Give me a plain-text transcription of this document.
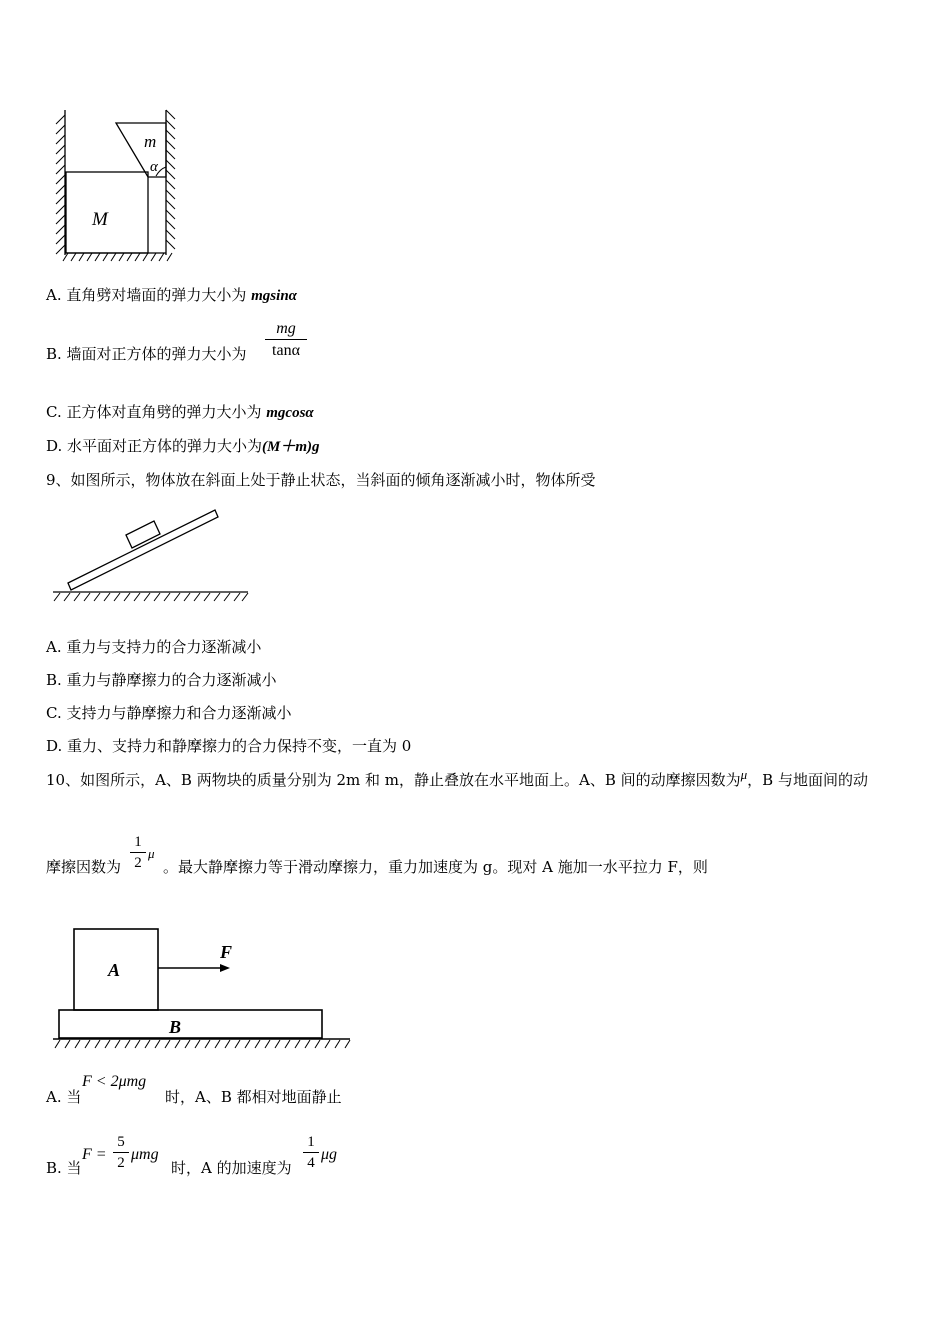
m
α
M
A. 直角劈对墙面的弹力大小为 mgsinα
B. 墙面对正方体的弹力大小为 $\frac{mg}{\tan\alpha}$
C. 正方体对直角劈的弹力大小为 mgcosα
D. 水平面对正方体的弹力大小为(M＋m)g
9、如图所示，物体放在斜面上处于静止状态，当斜面的倾角逐渐减小时，物体所受
A. 重力与支持力的合力逐渐减小
B. 重力与静摩擦力的合力逐渐减小
C. 支持力与静摩擦力和合力逐渐减小
D. 重力、支持力和静摩擦力的合力保持不变，一直为 0
10、如图所示，A、B 两物块的质量分别为 2m 和 m，静止叠放在水平地面上。A、B 间的动摩擦因数为μ，B 与地面间的动
摩擦因数为 $\frac{1}{2}$ μ
。最大静摩擦力等于滑动摩擦力，重力加速度为 g。现对 A 施加一水平拉力 F，则
A
F
B
A. 当
F < 2μmg
时，A、B 都相对地面静止
B. 当
$F = \frac{5}{2}$ μmg
时，A 的加速度为 $\frac{1}{4}$ μg
